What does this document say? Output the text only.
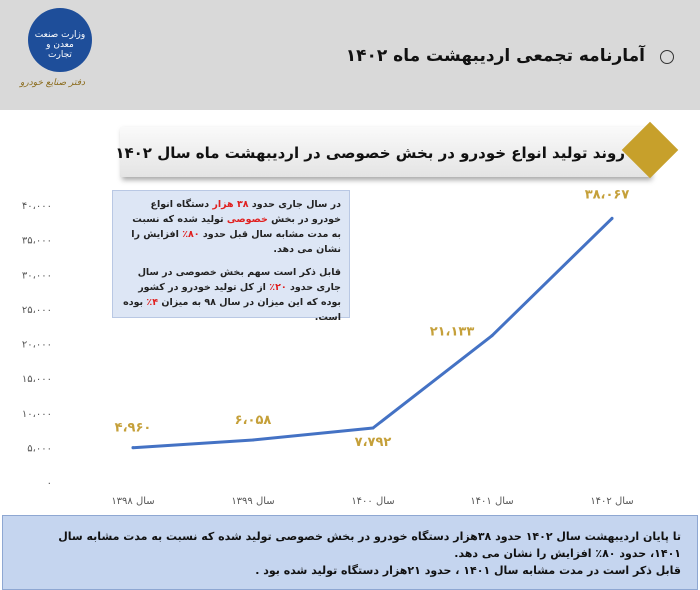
وزارت صنعت معدن و تجارت
دفتر صنایع خودرو
آمارنامه تجمعی اردیبهشت ماه ۱۴۰۲
روند تولید انواع خودرو در بخش خصوصی در اردیبهشت ماه سال ۱۴۰۲
۰
۵،۰۰۰
۱۰،۰۰۰
۱۵،۰۰۰
۲۰،۰۰۰
۲۵،۰۰۰
۳۰،۰۰۰
۳۵،۰۰۰
۴۰،۰۰۰
سال ۱۳۹۸	سال ۱۳۹۹	سال ۱۴۰۰	سال ۱۴۰۱	سال ۱۴۰۲
۴،۹۶۰
۶،۰۵۸
۷،۷۹۲
۲۱،۱۳۳
۳۸،۰۶۷

در سال جاری حدود ۳۸ هزار دستگاه انواع خودرو در بخش خصوصی تولید شده که نسبت به مدت مشابه سال قبل حدود ۸۰٪ افزایش را نشان می دهد.

قابل ذکر است سهم بخش خصوصی در سال جاری حدود ۲۰٪ از کل تولید خودرو در کشور بوده که این میزان در سال ۹۸ به میزان ۴٪ بوده است.

تا پایان اردیبهشت سال ۱۴۰۲ حدود ۳۸هزار دستگاه خودرو در بخش خصوصی تولید شده که نسبت به مدت مشابه سال

۱۴۰۱، حدود ۸۰٪ افزایش را نشان می دهد.

قابل ذکر است در مدت مشابه سال ۱۴۰۱ ، حدود ۲۱هزار دستگاه تولید شده بود .
